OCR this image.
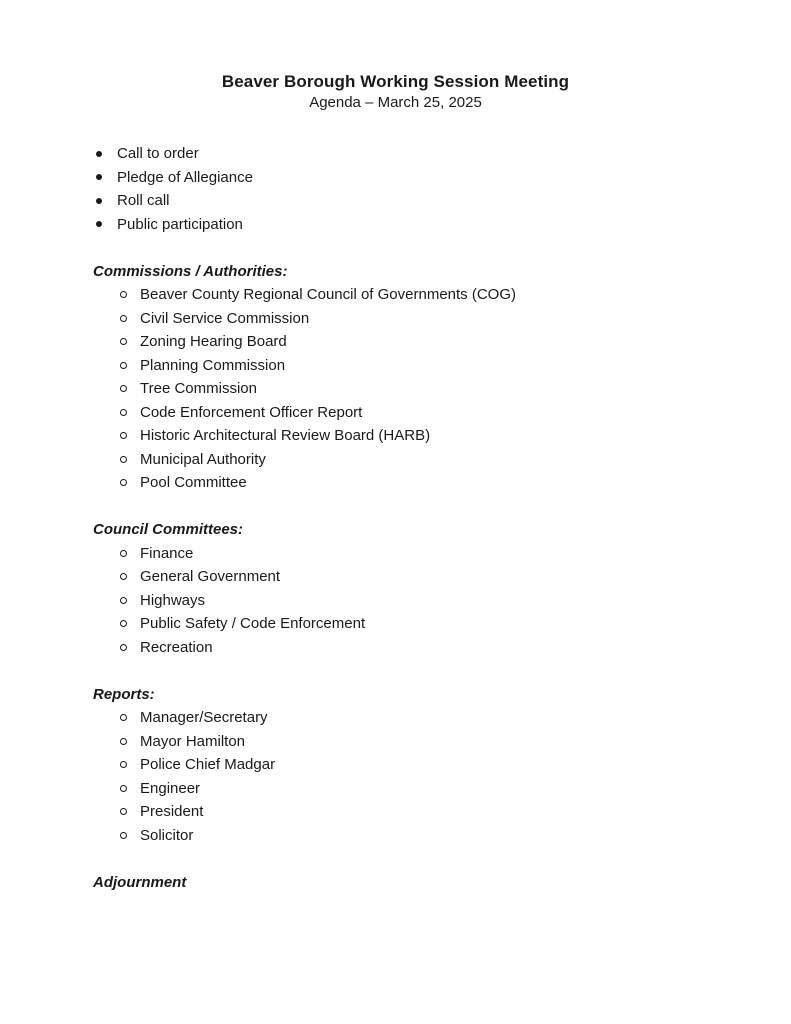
Beaver Borough Working Session Meeting
Agenda – March 25, 2025
Call to order
Pledge of Allegiance
Roll call
Public participation
Commissions / Authorities:
Beaver County Regional Council of Governments (COG)
Civil Service Commission
Zoning Hearing Board
Planning Commission
Tree Commission
Code Enforcement Officer Report
Historic Architectural Review Board (HARB)
Municipal Authority
Pool Committee
Council Committees:
Finance
General Government
Highways
Public Safety / Code Enforcement
Recreation
Reports:
Manager/Secretary
Mayor Hamilton
Police Chief Madgar
Engineer
President
Solicitor
Adjournment
